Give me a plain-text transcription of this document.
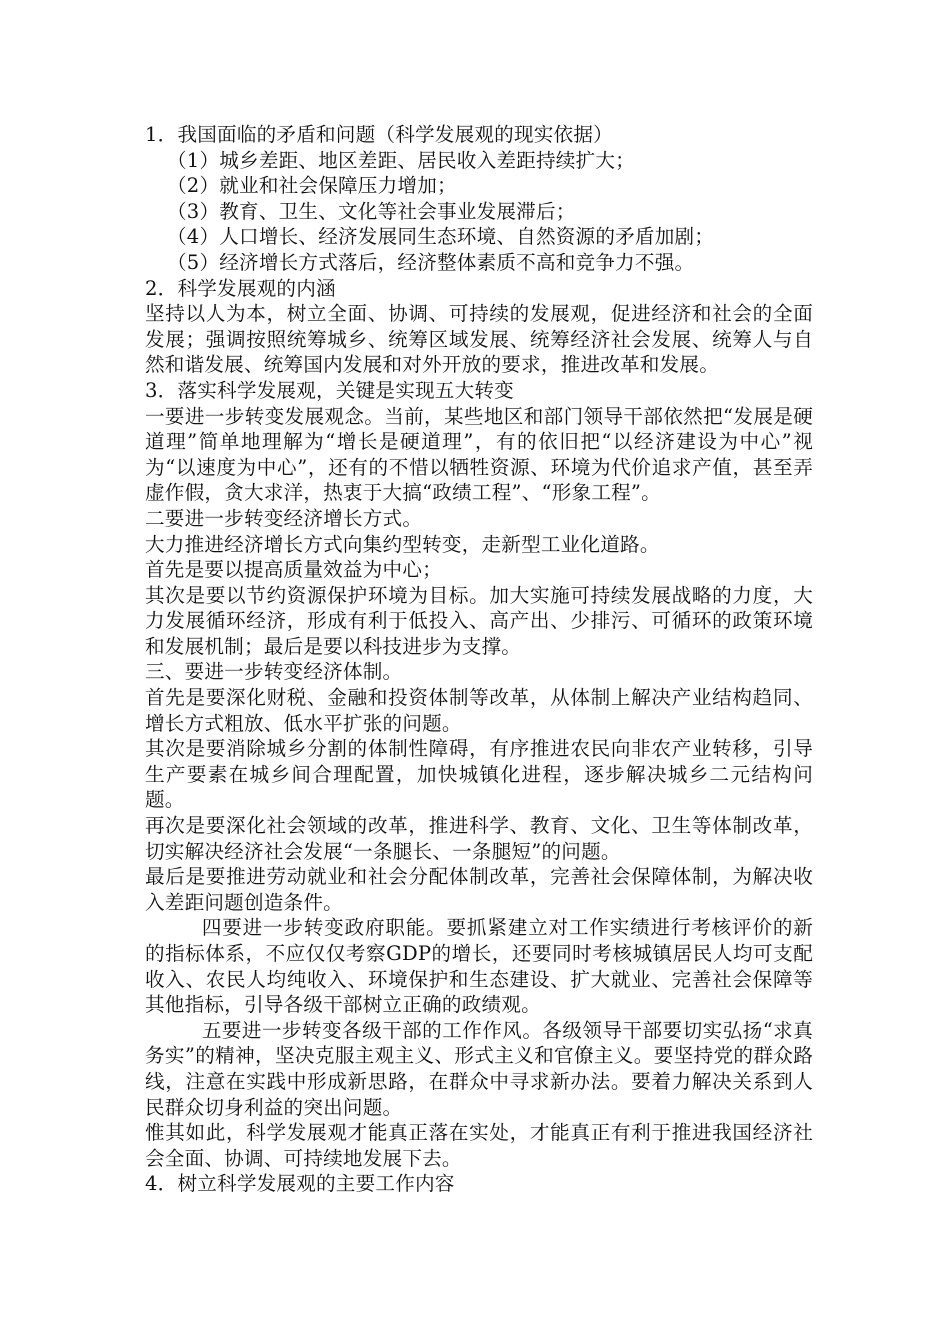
1．我国面临的矛盾和问题（科学发展观的现实依据）

（1）城乡差距、地区差距、居民收入差距持续扩大；

（2）就业和社会保障压力增加；

（3）教育、卫生、文化等社会事业发展滞后；

（4）人口增长、经济发展同生态环境、自然资源的矛盾加剧；

（5）经济增长方式落后，经济整体素质不高和竞争力不强。

2．科学发展观的内涵

坚持以人为本，树立全面、协调、可持续的发展观，促进经济和社会的全面发展；强调按照统筹城乡、统筹区域发展、统筹经济社会发展、统筹人与自然和谐发展、统筹国内发展和对外开放的要求，推进改革和发展。

3．落实科学发展观，关键是实现五大转变

一要进一步转变发展观念。当前，某些地区和部门领导干部依然把“发展是硬道理”简单地理解为“增长是硬道理”，有的依旧把“以经济建设为中心”视为“以速度为中心”，还有的不惜以牺牲资源、环境为代价追求产值，甚至弄虚作假，贪大求洋，热衷于大搞“政绩工程”、“形象工程”。

二要进一步转变经济增长方式。

大力推进经济增长方式向集约型转变，走新型工业化道路。

首先是要以提高质量效益为中心；

其次是要以节约资源保护环境为目标。加大实施可持续发展战略的力度，大力发展循环经济，形成有利于低投入、高产出、少排污、可循环的政策环境和发展机制；最后是要以科技进步为支撑。

三、要进一步转变经济体制。

首先是要深化财税、金融和投资体制等改革，从体制上解决产业结构趋同、增长方式粗放、低水平扩张的问题。

其次是要消除城乡分割的体制性障碍，有序推进农民向非农产业转移，引导生产要素在城乡间合理配置，加快城镇化进程，逐步解决城乡二元结构问题。

再次是要深化社会领域的改革，推进科学、教育、文化、卫生等体制改革，切实解决经济社会发展“一条腿长、一条腿短”的问题。

最后是要推进劳动就业和社会分配体制改革，完善社会保障体制，为解决收入差距问题创造条件。

四要进一步转变政府职能。要抓紧建立对工作实绩进行考核评价的新的指标体系，不应仅仅考察GDP的增长，还要同时考核城镇居民人均可支配收入、农民人均纯收入、环境保护和生态建设、扩大就业、完善社会保障等其他指标，引导各级干部树立正确的政绩观。

五要进一步转变各级干部的工作作风。各级领导干部要切实弘扬“求真务实”的精神，坚决克服主观主义、形式主义和官僚主义。要坚持党的群众路线，注意在实践中形成新思路，在群众中寻求新办法。要着力解决关系到人民群众切身利益的突出问题。

惟其如此，科学发展观才能真正落在实处，才能真正有利于推进我国经济社会全面、协调、可持续地发展下去。

4．树立科学发展观的主要工作内容
